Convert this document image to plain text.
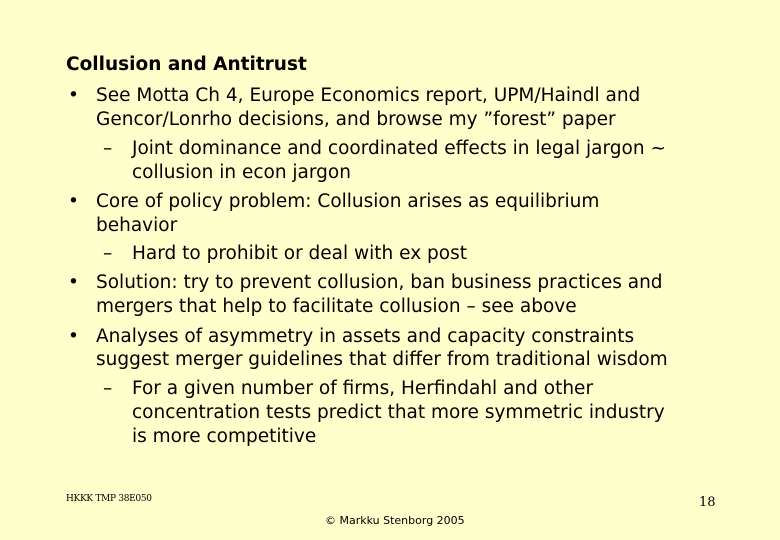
Collusion and Antitrust
• See Motta Ch 4, Europe Economics report, UPM/Haindl and
Gencor/Lonrho decisions, and browse my ”forest” paper
– Joint dominance and coordinated effects in legal jargon ~
collusion in econ jargon
• Core of policy problem: Collusion arises as equilibrium
behavior
– Hard to prohibit or deal with ex post
• Solution: try to prevent collusion, ban business practices and
mergers that help to facilitate collusion – see above
• Analyses of asymmetry in assets and capacity constraints
suggest merger guidelines that differ from traditional wisdom
– For a given number of firms, Herfindahl and other
concentration tests predict that more symmetric industry
is more competitive
HKKK TMP 38E050	18
© Markku Stenborg 2005
